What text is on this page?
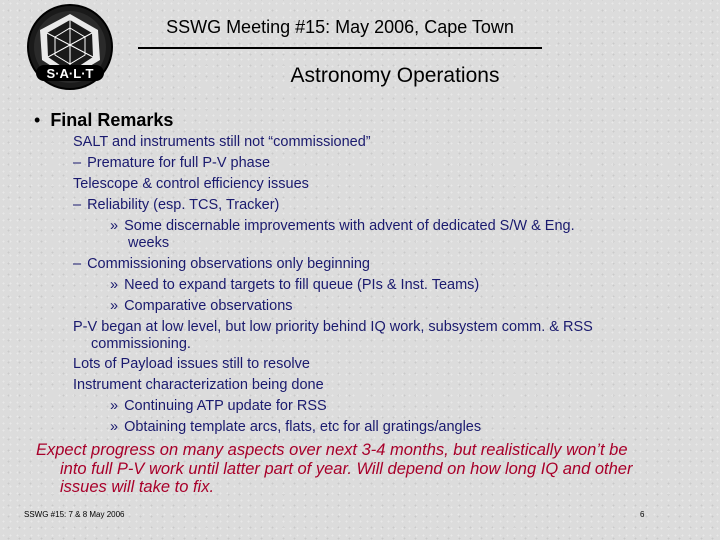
S·A·L·T
SSWG Meeting #15: May 2006, Cape Town
Astronomy Operations
• Final Remarks
SALT and instruments still not “commissioned”
– Premature for full P-V phase
Telescope & control efficiency issues
– Reliability (esp. TCS, Tracker)
» Some discernable improvements with advent of dedicated S/W & Eng.
weeks
– Commissioning observations only beginning
» Need to expand targets to fill queue (PIs & Inst. Teams)
» Comparative observations
P-V began at low level, but low priority behind IQ work, subsystem comm. & RSS
commissioning.
Lots of Payload issues still to resolve
Instrument characterization being done
» Continuing ATP update for RSS
» Obtaining template arcs, flats, etc for all gratings/angles
Expect progress on many aspects over next 3-4 months, but realistically won’t be
into full P-V work until latter part of year. Will depend on how long IQ and other
issues will take to fix.
SSWG #15: 7 & 8 May 2006	6
